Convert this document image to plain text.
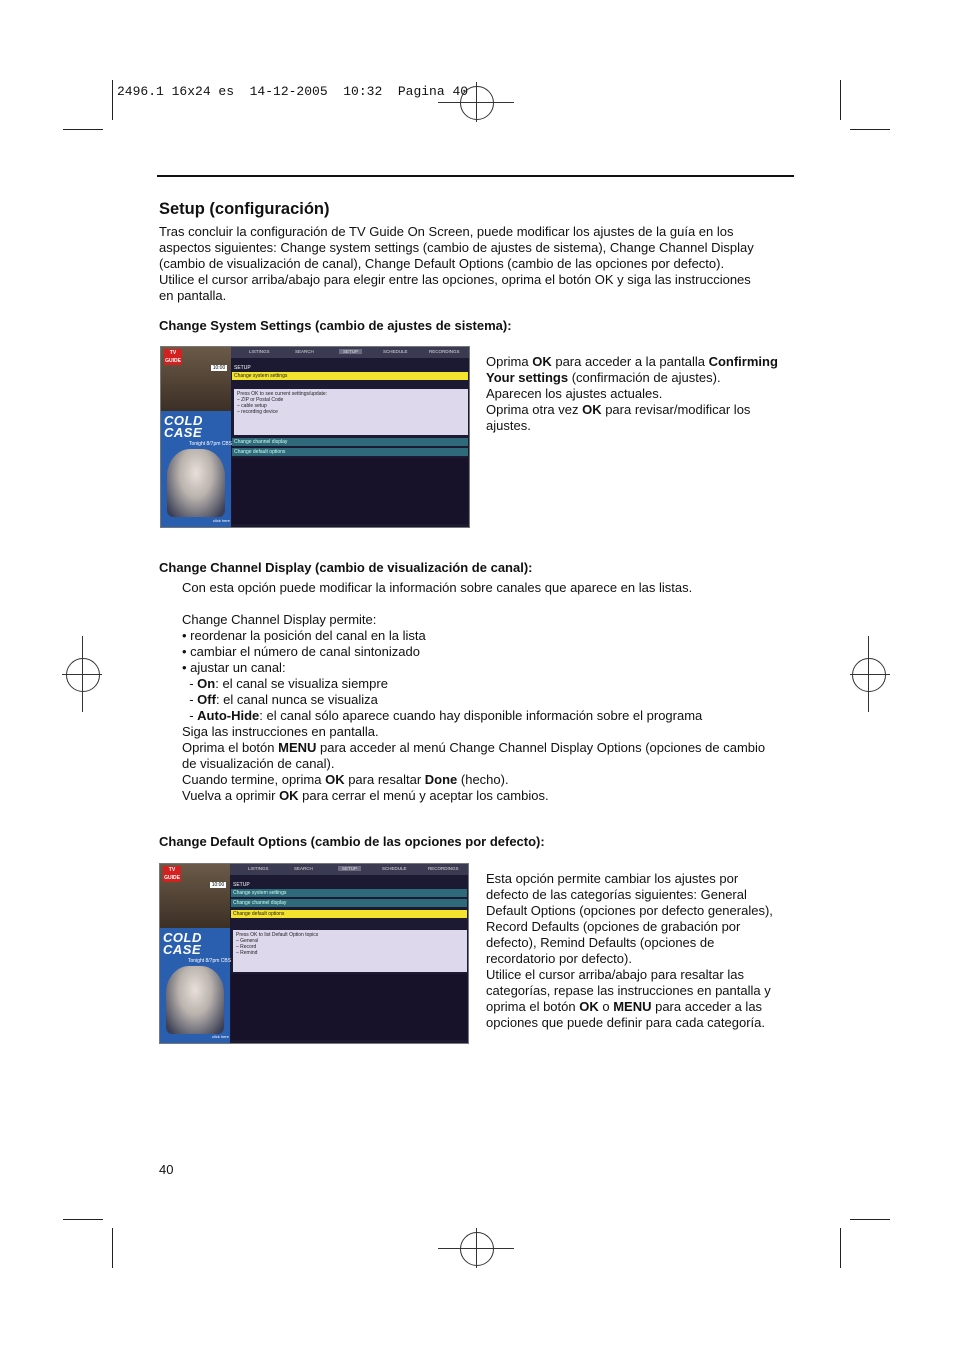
2496.1 16x24 es  14-12-2005  10:32  Pagina 40
Setup (configuración)
Tras concluir la configuración de TV Guide On Screen, puede modificar los ajustes de la guía en los
aspectos siguientes: Change system settings (cambio de ajustes de sistema), Change Channel Display
(cambio de visualización de canal), Change Default Options (cambio de las opciones por defecto).
Utilice el cursor arriba/abajo para elegir entre las opciones, oprima el botón OK y siga las instrucciones
en pantalla.
Change System Settings (cambio de ajustes de sistema):
TV GUIDE
10:00
COLD CASE
Tonight 8/7pm CBS
click here
LISTINGS	SEARCH	SETUP	SCHEDULE	RECORDINGS
SETUP
Change system settings
Press OK to see current settings/update:
– ZIP or Postal Code
– cable setup
– recording device
Change channel display
Change default options
Oprima OK para acceder a la pantalla Confirming
Your settings (confirmación de ajustes).
Aparecen los ajustes actuales.
Oprima otra vez OK para revisar/modificar los
ajustes.
Change Channel Display (cambio de visualización de canal):
Con esta opción puede modificar la información sobre canales que aparece en las listas.

Change Channel Display permite:
• reordenar la posición del canal en la lista
• cambiar el número de canal sintonizado
• ajustar un canal:
- On: el canal se visualiza siempre
- Off: el canal nunca se visualiza
- Auto-Hide: el canal sólo aparece cuando hay disponible información sobre el programa
Siga las instrucciones en pantalla.
Oprima el botón MENU para acceder al menú Change Channel Display Options (opciones de cambio
de visualización de canal).
Cuando termine, oprima OK para resaltar Done (hecho).
Vuelva a oprimir OK para cerrar el menú y aceptar los cambios.
Change Default Options (cambio de las opciones por defecto):
TV GUIDE
10:00
COLD CASE
Tonight 8/7pm CBS
click here
LISTINGS	SEARCH	SETUP	SCHEDULE	RECORDINGS
SETUP
Change system settings
Change channel display
Change default options
Press OK to list Default Option topics
– General
– Record
– Remind
Esta opción permite cambiar los ajustes por
defecto de las categorías siguientes: General
Default Options (opciones por defecto generales),
Record Defaults (opciones de grabación por
defecto), Remind Defaults (opciones de
recordatorio por defecto).
Utilice el cursor arriba/abajo para resaltar las
categorías, repase las instrucciones en pantalla y
oprima el botón OK o MENU para acceder a las
opciones que puede definir para cada categoría.
40
